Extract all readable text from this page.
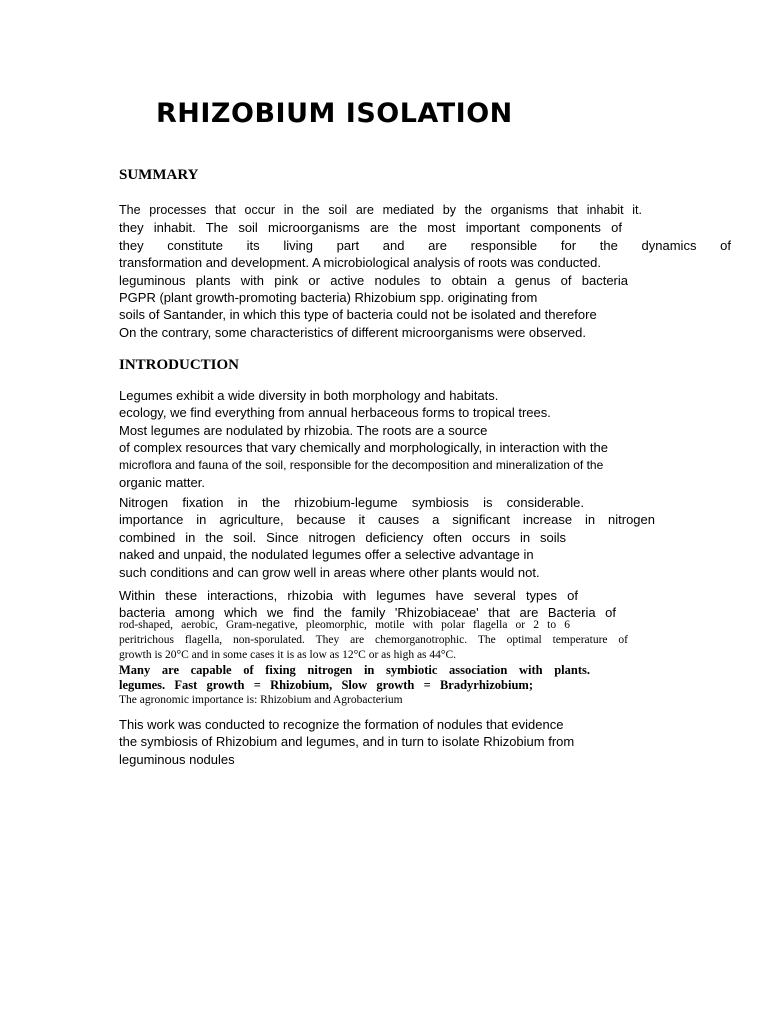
RHIZOBIUM ISOLATION
SUMMARY
The processes that occur in the soil are mediated by the organisms that inhabit it.
they inhabit. The soil microorganisms are the most important components of
they constitute its living part and are responsible for the dynamics of
transformation and development. A microbiological analysis of roots was conducted.
leguminous plants with pink or active nodules to obtain a genus of bacteria
PGPR (plant growth-promoting bacteria) Rhizobium spp. originating from
soils of Santander, in which this type of bacteria could not be isolated and therefore
On the contrary, some characteristics of different microorganisms were observed.
INTRODUCTION
Legumes exhibit a wide diversity in both morphology and habitats.
ecology, we find everything from annual herbaceous forms to tropical trees.
Most legumes are nodulated by rhizobia. The roots are a source
of complex resources that vary chemically and morphologically, in interaction with the
microflora and fauna of the soil, responsible for the decomposition and mineralization of the
organic matter.
Nitrogen fixation in the rhizobium-legume symbiosis is considerable.
importance in agriculture, because it causes a significant increase in nitrogen
combined in the soil. Since nitrogen deficiency often occurs in soils
naked and unpaid, the nodulated legumes offer a selective advantage in
such conditions and can grow well in areas where other plants would not.
Within these interactions, rhizobia with legumes have several types of
bacteria among which we find the family 'Rhizobiaceae' that are Bacteria of
rod-shaped, aerobic, Gram-negative, pleomorphic, motile with polar flagella or 2 to 6
peritrichous flagella, non-sporulated. They are chemorganotrophic. The optimal temperature of
growth is 20°C and in some cases it is as low as 12°C or as high as 44°C.
Many are capable of fixing nitrogen in symbiotic association with plants.
legumes. Fast growth = Rhizobium, Slow growth = Bradyrhizobium;
The agronomic importance is: Rhizobium and Agrobacterium
This work was conducted to recognize the formation of nodules that evidence
the symbiosis of Rhizobium and legumes, and in turn to isolate Rhizobium from
leguminous nodules
